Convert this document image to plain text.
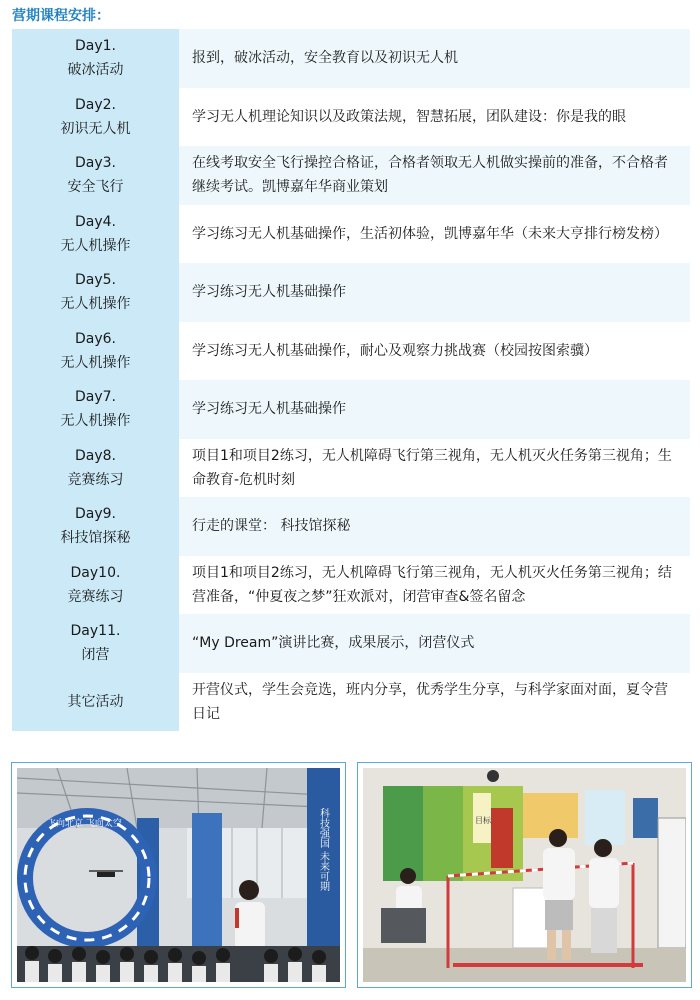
营期课程安排：
Day1.
破冰活动
报到，破冰活动，安全教育以及初识无人机
Day2.
初识无人机
学习无人机理论知识以及政策法规，智慧拓展，团队建设：你是我的眼
Day3.
安全飞行
在线考取安全飞行操控合格证，合格者领取无人机做实操前的准备，不合格者继续考试。凯博嘉年华商业策划
Day4.
无人机操作
学习练习无人机基础操作，生活初体验，凯博嘉年华（未来大亨排行榜发榜）
Day5.
无人机操作
学习练习无人机基础操作
Day6.
无人机操作
学习练习无人机基础操作，耐心及观察力挑战赛（校园按图索骥）
Day7.
无人机操作
学习练习无人机基础操作
Day8.
竞赛练习
项目1和项目2练习，无人机障碍飞行第三视角，无人机灭火任务第三视角；生命教育-危机时刻
Day9.
科技馆探秘
行走的课堂： 科技馆探秘
Day10.
竞赛练习
项目1和项目2练习，无人机障碍飞行第三视角，无人机灭火任务第三视角；结营准备，“仲夏夜之梦”狂欢派对，闭营审查&签名留念
Day11.
闭营
“My Dream”演讲比赛，成果展示，闭营仪式
其它活动
开营仪式，学生会竞选，班内分享，优秀学生分享，与科学家面对面，夏令营日记
科技强国 未来可期
飞向北京 飞向太空	目标
